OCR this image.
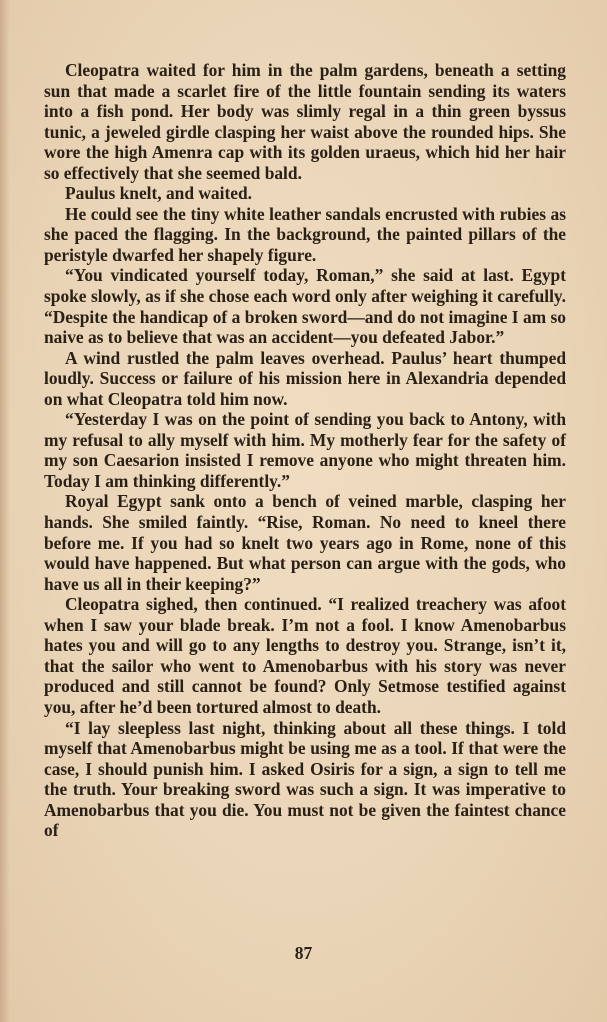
Cleopatra waited for him in the palm gardens, beneath a setting sun that made a scarlet fire of the little fountain sending its waters into a fish pond. Her body was slimly regal in a thin green byssus tunic, a jeweled girdle clasping her waist above the rounded hips. She wore the high Amenra cap with its golden uraeus, which hid her hair so effectively that she seemed bald.

Paulus knelt, and waited.

He could see the tiny white leather sandals encrusted with rubies as she paced the flagging. In the background, the painted pillars of the peristyle dwarfed her shapely figure.

“You vindicated yourself today, Roman,” she said at last. Egypt spoke slowly, as if she chose each word only after weighing it carefully. “Despite the handicap of a broken sword—and do not imagine I am so naive as to believe that was an accident—you defeated Jabor.”

A wind rustled the palm leaves overhead. Paulus’ heart thumped loudly. Success or failure of his mission here in Alexandria depended on what Cleopatra told him now.

“Yesterday I was on the point of sending you back to Antony, with my refusal to ally myself with him. My motherly fear for the safety of my son Caesarion insisted I remove anyone who might threaten him. Today I am thinking differently.”

Royal Egypt sank onto a bench of veined marble, clasping her hands. She smiled faintly. “Rise, Roman. No need to kneel there before me. If you had so knelt two years ago in Rome, none of this would have happened. But what person can argue with the gods, who have us all in their keeping?”

Cleopatra sighed, then continued. “I realized treachery was afoot when I saw your blade break. I’m not a fool. I know Amenobarbus hates you and will go to any lengths to destroy you. Strange, isn’t it, that the sailor who went to Amenobarbus with his story was never produced and still cannot be found? Only Setmose testified against you, after he’d been tortured almost to death.

“I lay sleepless last night, thinking about all these things. I told myself that Amenobarbus might be using me as a tool. If that were the case, I should punish him. I asked Osiris for a sign, a sign to tell me the truth. Your breaking sword was such a sign. It was imperative to Amenobarbus that you die. You must not be given the faintest chance of

87
